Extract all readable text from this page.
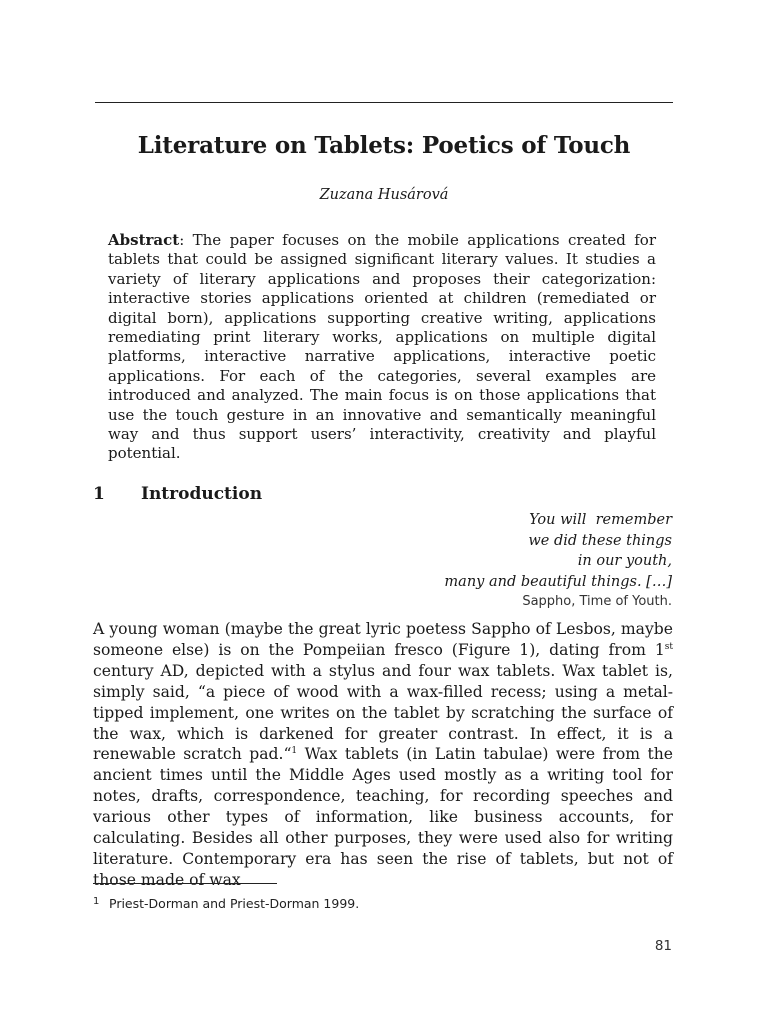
Literature on Tablets: Poetics of Touch
Zuzana Husárová

Abstract: The paper focuses on the mobile applications created for tablets that could be assigned significant literary values. It studies a variety of literary applications and proposes their categorization: interactive stories applications oriented at children (remediated or digital born), applications supporting creative writing, applications remediating print literary works, applications on multiple digital platforms, interactive narrative applications, interactive poetic applications. For each of the categories, several examples are introduced and analyzed. The main focus is on those applications that use the touch gesture in an innovative and semantically meaningful way and thus support users’ interactivity, creativity and playful potential.

1 Introduction
You will  remember
we did these things
in our youth,
many and beautiful things. […]
Sappho, Time of Youth.

A young woman (maybe the great lyric poetess Sappho of Lesbos, maybe someone else) is on the Pompeiian fresco (Figure 1), dating from 1st century AD, depicted with a stylus and four wax tablets. Wax tablet is, simply said, “a piece of wood with a wax-filled recess; using a metal-tipped implement, one writes on the tablet by scratching the surface of the wax, which is darkened for greater contrast. In effect, it is a renewable scratch pad.“$^1$ Wax tablets (in Latin tabulae) were from the ancient times until the Middle Ages used mostly as a writing tool for notes, drafts, correspondence, teaching, for recording speeches and various other types of information, like business accounts, for calculating. Besides all other purposes, they were used also for writing literature. Contemporary era has seen the rise of tablets, but not of those made of wax

1 Priest-Dorman and Priest-Dorman 1999.
81
